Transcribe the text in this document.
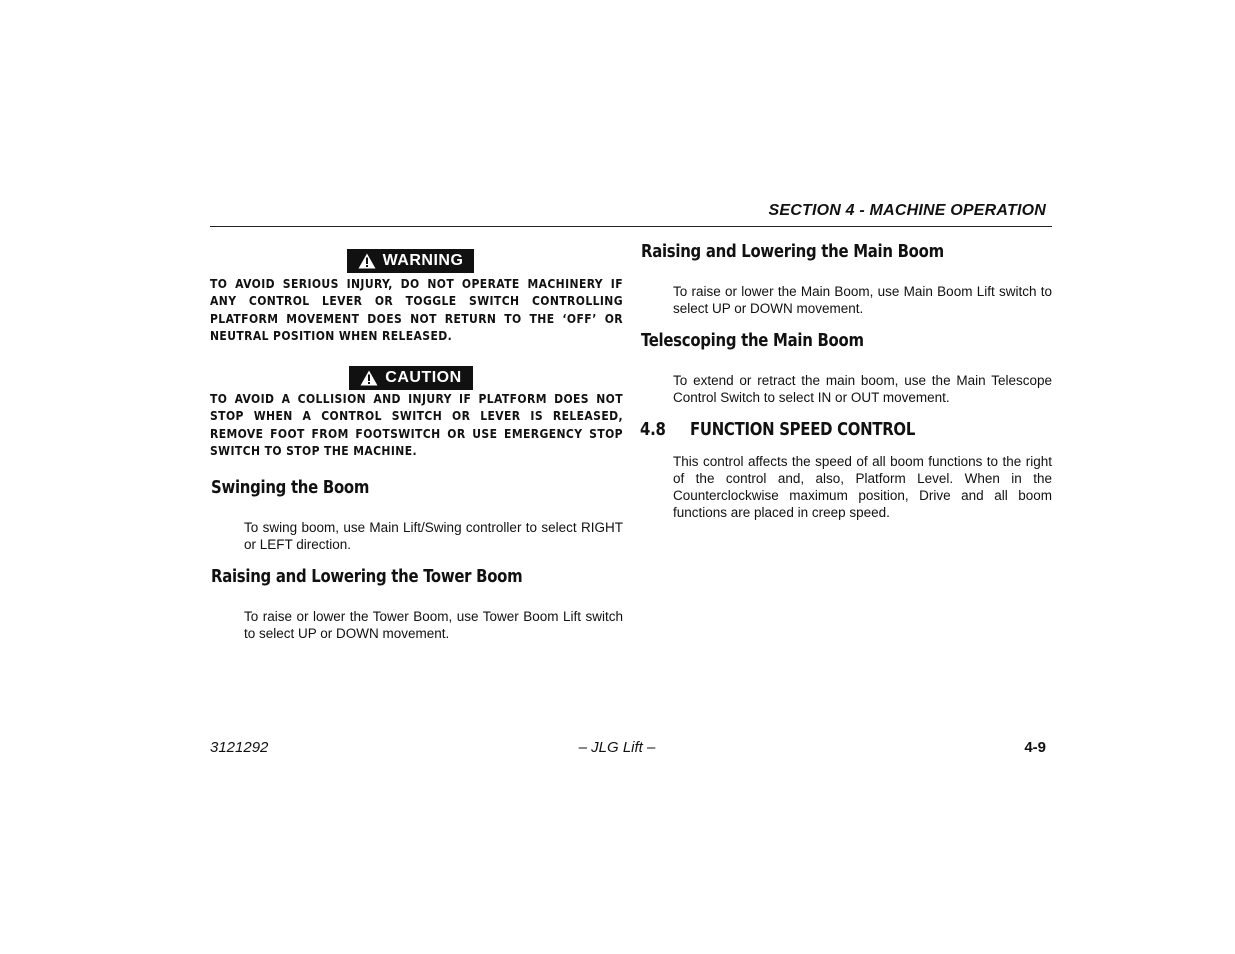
SECTION 4 - MACHINE OPERATION
WARNING
TO AVOID SERIOUS INJURY, DO NOT OPERATE MACHINERY IF ANY CONTROL LEVER OR TOGGLE SWITCH CONTROLLING PLATFORM MOVEMENT DOES NOT RETURN TO THE ‘OFF’ OR NEUTRAL POSITION WHEN RELEASED.
CAUTION
TO AVOID A COLLISION AND INJURY IF PLATFORM DOES NOT STOP WHEN A CONTROL SWITCH OR LEVER IS RELEASED, REMOVE FOOT FROM FOOTSWITCH OR USE EMERGENCY STOP SWITCH TO STOP THE MACHINE.
Swinging the Boom
To swing boom, use Main Lift/Swing controller to select RIGHT or LEFT direction.
Raising and Lowering the Tower Boom
To raise or lower the Tower Boom, use Tower Boom Lift switch to select UP or DOWN movement.
Raising and Lowering the Main Boom
To raise or lower the Main Boom, use Main Boom Lift switch to select UP or DOWN movement.
Telescoping the Main Boom
To extend or retract the main boom, use the Main Telescope Control Switch to select IN or OUT movement.
4.8 FUNCTION SPEED CONTROL
This control affects the speed of all boom functions to the right of the control and, also, Platform Level. When in the Counterclockwise maximum position, Drive and all boom functions are placed in creep speed.
3121292	– JLG Lift –	4-9
